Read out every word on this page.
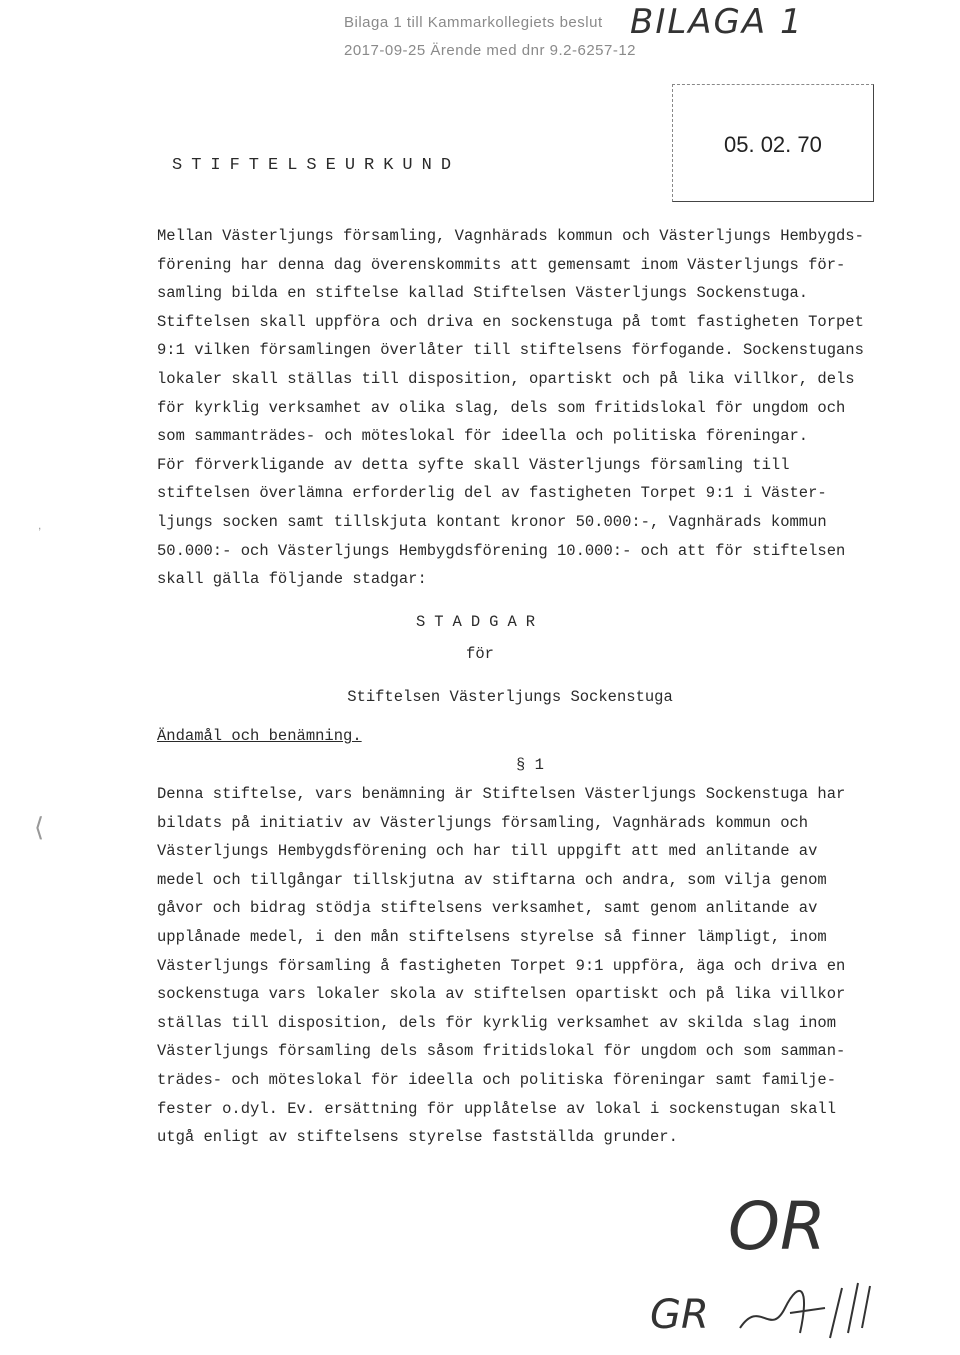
Bilaga 1 till Kammarkollegiets beslut
2017-09-25 Ärende med dnr 9.2-6257-12
BILAGA 1
05. 02. 70
STIFTELSEURKUND
Mellan Västerljungs församling, Vagnhärads kommun och Västerljungs Hembygds-
förening har denna dag överenskommits att gemensamt inom Västerljungs för-
samling bilda en stiftelse kallad Stiftelsen Västerljungs Sockenstuga.
Stiftelsen skall uppföra och driva en sockenstuga på tomt fastigheten Torpet
9:1 vilken församlingen överlåter till stiftelsens förfogande. Sockenstugans
lokaler skall ställas till disposition, opartiskt och på lika villkor, dels
för kyrklig verksamhet av olika slag, dels som fritidslokal för ungdom och
som sammanträdes- och möteslokal för ideella och politiska föreningar.
För förverkligande av detta syfte skall Västerljungs församling till
stiftelsen överlämna erforderlig del av fastigheten Torpet 9:1 i Väster-
ljungs socken samt tillskjuta kontant kronor 50.000:-, Vagnhärads kommun
50.000:- och Västerljungs Hembygdsförening 10.000:- och att för stiftelsen
skall gälla följande stadgar:
STADGAR
för
Stiftelsen Västerljungs Sockenstuga
Ändamål och benämning.
§ 1
Denna stiftelse, vars benämning är Stiftelsen Västerljungs Sockenstuga har
bildats på initiativ av Västerljungs församling, Vagnhärads kommun och
Västerljungs Hembygdsförening och har till uppgift att med anlitande av
medel och tillgångar tillskjutna av stiftarna och andra, som vilja genom
gåvor och bidrag stödja stiftelsens verksamhet, samt genom anlitande av
upplånade medel, i den mån stiftelsens styrelse så finner lämpligt, inom
Västerljungs församling å fastigheten Torpet 9:1 uppföra, äga och driva en
sockenstuga vars lokaler skola av stiftelsen opartiskt och på lika villkor
ställas till disposition, dels för kyrklig verksamhet av skilda slag inom
Västerljungs församling dels såsom fritidslokal för ungdom och som samman-
trädes- och möteslokal för ideella och politiska föreningar samt familje-
fester o.dyl. Ev. ersättning för upplåtelse av lokal i sockenstugan skall
utgå enligt av stiftelsens styrelse fastställda grunder.
OR
GR
,
⟨
